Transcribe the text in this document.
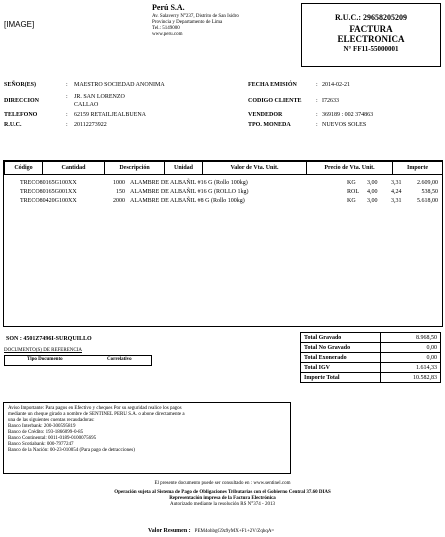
[IMAGE]
Perú S.A.
Av. Salaverry N°237, Distrito de San Isidro
Provincia y Departamento de Lima
Tel.: 5149000
www.peru.com
R.U.C.: 29658205209
FACTURA
ELECTRONICA
N° FF11-55000001
SEÑOR(ES)	: MAESTRO SOCIEDAD ANONIMA
DIRECCION
: JR. SAN LORENZO
CALLAO
TELEFONO	: 62159 RETAILJEALBUENA
R.U.C.	: 20112273922
FECHA EMISIÓN	: 2014-02-21
CODIGO CLIENTE : I72633
VENDEDOR	: 369189 : 002 374863
TPO. MONEDA	: NUEVOS SOLES
Código	Cantidad	Descripción	Unidad	Valor de Vta. Unit.	Precio de Vta. Unit.	Importe
TRECO80165G100XX	1000 ALAMBRE DE ALBAÑIL #16 G (Rollo 100kg)	KG 3,00 3,31	2.609,00
TRECO80165G001XX	150 ALAMBRE DE ALBAÑIL #16 G (ROLLO 1kg)	ROL 4,00 4,24	538,50
TRECO80420G100XX	2000 ALAMBRE DE ALBAÑIL #8 G (Rollo 100kg)	KG 3,00 3,31	5.618,00
SON : 4501Z7496I-SURQUILLO
DOCUMENTO(S) DE REFERENCIA
Tipo Documento	Correlativo
Total Gravado	8.968,50
Total No Gravado	0,00
Total Exonerado	0,00
Total IGV	1.614,33
Importe Total	10.582,83
Aviso Importante: Para pagos en Efectivo y cheques Por su seguridad realice los pagos
mediante un cheque girado a nombre de SENTINEL PERU S.A. o abone directamente a
una de las siguientes cuentas recaudadoras:
Banco Interbank: 200-300595819
Banco de Crédito: 193-1866099-0-85
Banco Continental: 0011-0189-0100075695
Banco Scotiabank: 000-7977247
Banco de la Nación: 00-23-010054 (Para pago de detracciones)
El presente documento puede ser consultado en : www.sentinel.com
Operación sujeta al Sistema de Pago de Obligaciones Tributarias con el Gobierno Central 37.60 DIAS
Representación impresa de la Factura Electrónica
Autorizado mediante la resolución RS N°374 - 2013
Valor Resumen : PEM4ohbgG9z9yMX+F1+2V/ZqhqA=
